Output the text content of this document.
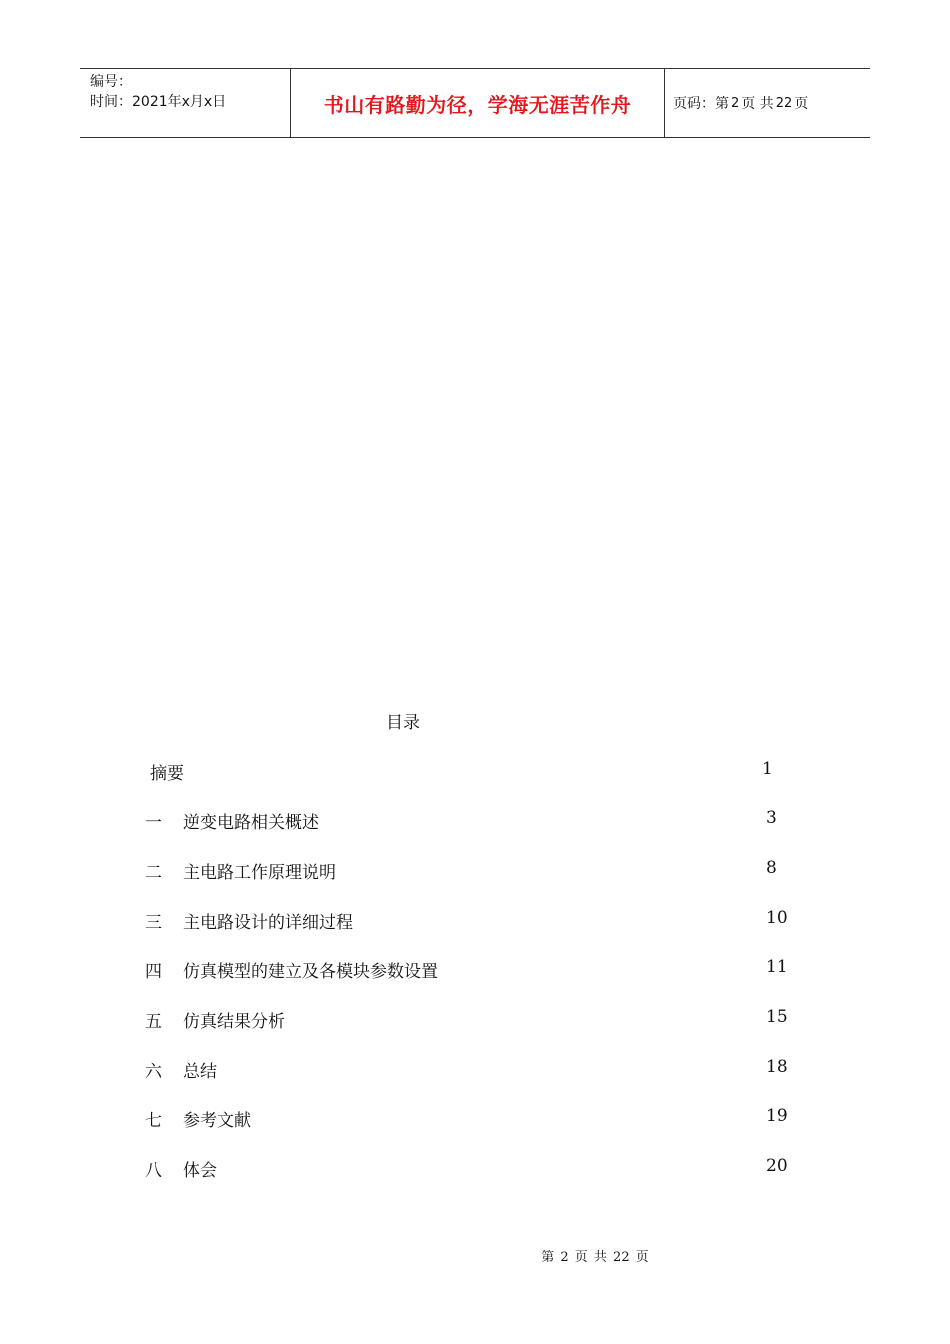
编号：
时间：2021年x月x日	书山有路勤为径，学海无涯苦作舟	页码：第 2 页 共 22 页
目录
摘要	1
一 逆变电路相关概述	3
二 主电路工作原理说明	8
三 主电路设计的详细过程	10
四 仿真模型的建立及各模块参数设置	11
五 仿真结果分析	15
六 总结	18
七 参考文献	19
八 体会	20
第 2 页 共 22 页
